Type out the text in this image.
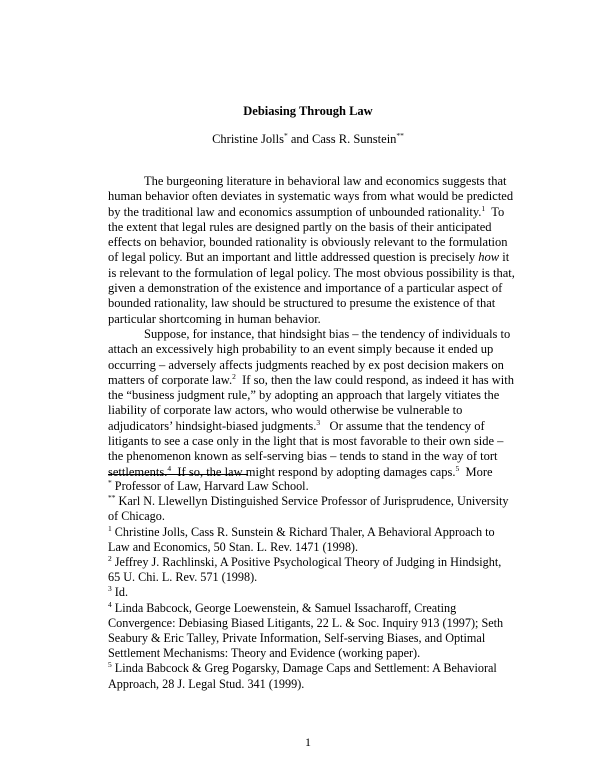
Debiasing Through Law
Christine Jolls* and Cass R. Sunstein**
The burgeoning literature in behavioral law and economics suggests that
human behavior often deviates in systematic ways from what would be predicted
by the traditional law and economics assumption of unbounded rationality.$^1$ To
the extent that legal rules are designed partly on the basis of their anticipated
effects on behavior, bounded rationality is obviously relevant to the formulation
of legal policy. But an important and little addressed question is precisely how it
is relevant to the formulation of legal policy. The most obvious possibility is that,
given a demonstration of the existence and importance of a particular aspect of
bounded rationality, law should be structured to presume the existence of that
particular shortcoming in human behavior.
Suppose, for instance, that hindsight bias – the tendency of individuals to
attach an excessively high probability to an event simply because it ended up
occurring – adversely affects judgments reached by ex post decision makers on
matters of corporate law.$^2$ If so, then the law could respond, as indeed it has with
the “business judgment rule,” by adopting an approach that largely vitiates the
liability of corporate law actors, who would otherwise be vulnerable to
adjudicators’ hindsight-biased judgments.$^3$ Or assume that the tendency of
litigants to see a case only in the light that is most favorable to their own side –
the phenomenon known as self-serving bias – tends to stand in the way of tort
settlements.$^4$ If so, the law might respond by adopting damages caps.$^5$ More
* Professor of Law, Harvard Law School.
** Karl N. Llewellyn Distinguished Service Professor of Jurisprudence, University
of Chicago.
$^1$ Christine Jolls, Cass R. Sunstein & Richard Thaler, A Behavioral Approach to
Law and Economics, 50 Stan. L. Rev. 1471 (1998).
$^2$ Jeffrey J. Rachlinski, A Positive Psychological Theory of Judging in Hindsight,
65 U. Chi. L. Rev. 571 (1998).
$^3$ Id.
$^4$ Linda Babcock, George Loewenstein, & Samuel Issacharoff, Creating
Convergence: Debiasing Biased Litigants, 22 L. & Soc. Inquiry 913 (1997); Seth
Seabury & Eric Talley, Private Information, Self-serving Biases, and Optimal
Settlement Mechanisms: Theory and Evidence (working paper).
$^5$ Linda Babcock & Greg Pogarsky, Damage Caps and Settlement: A Behavioral
Approach, 28 J. Legal Stud. 341 (1999).
1
